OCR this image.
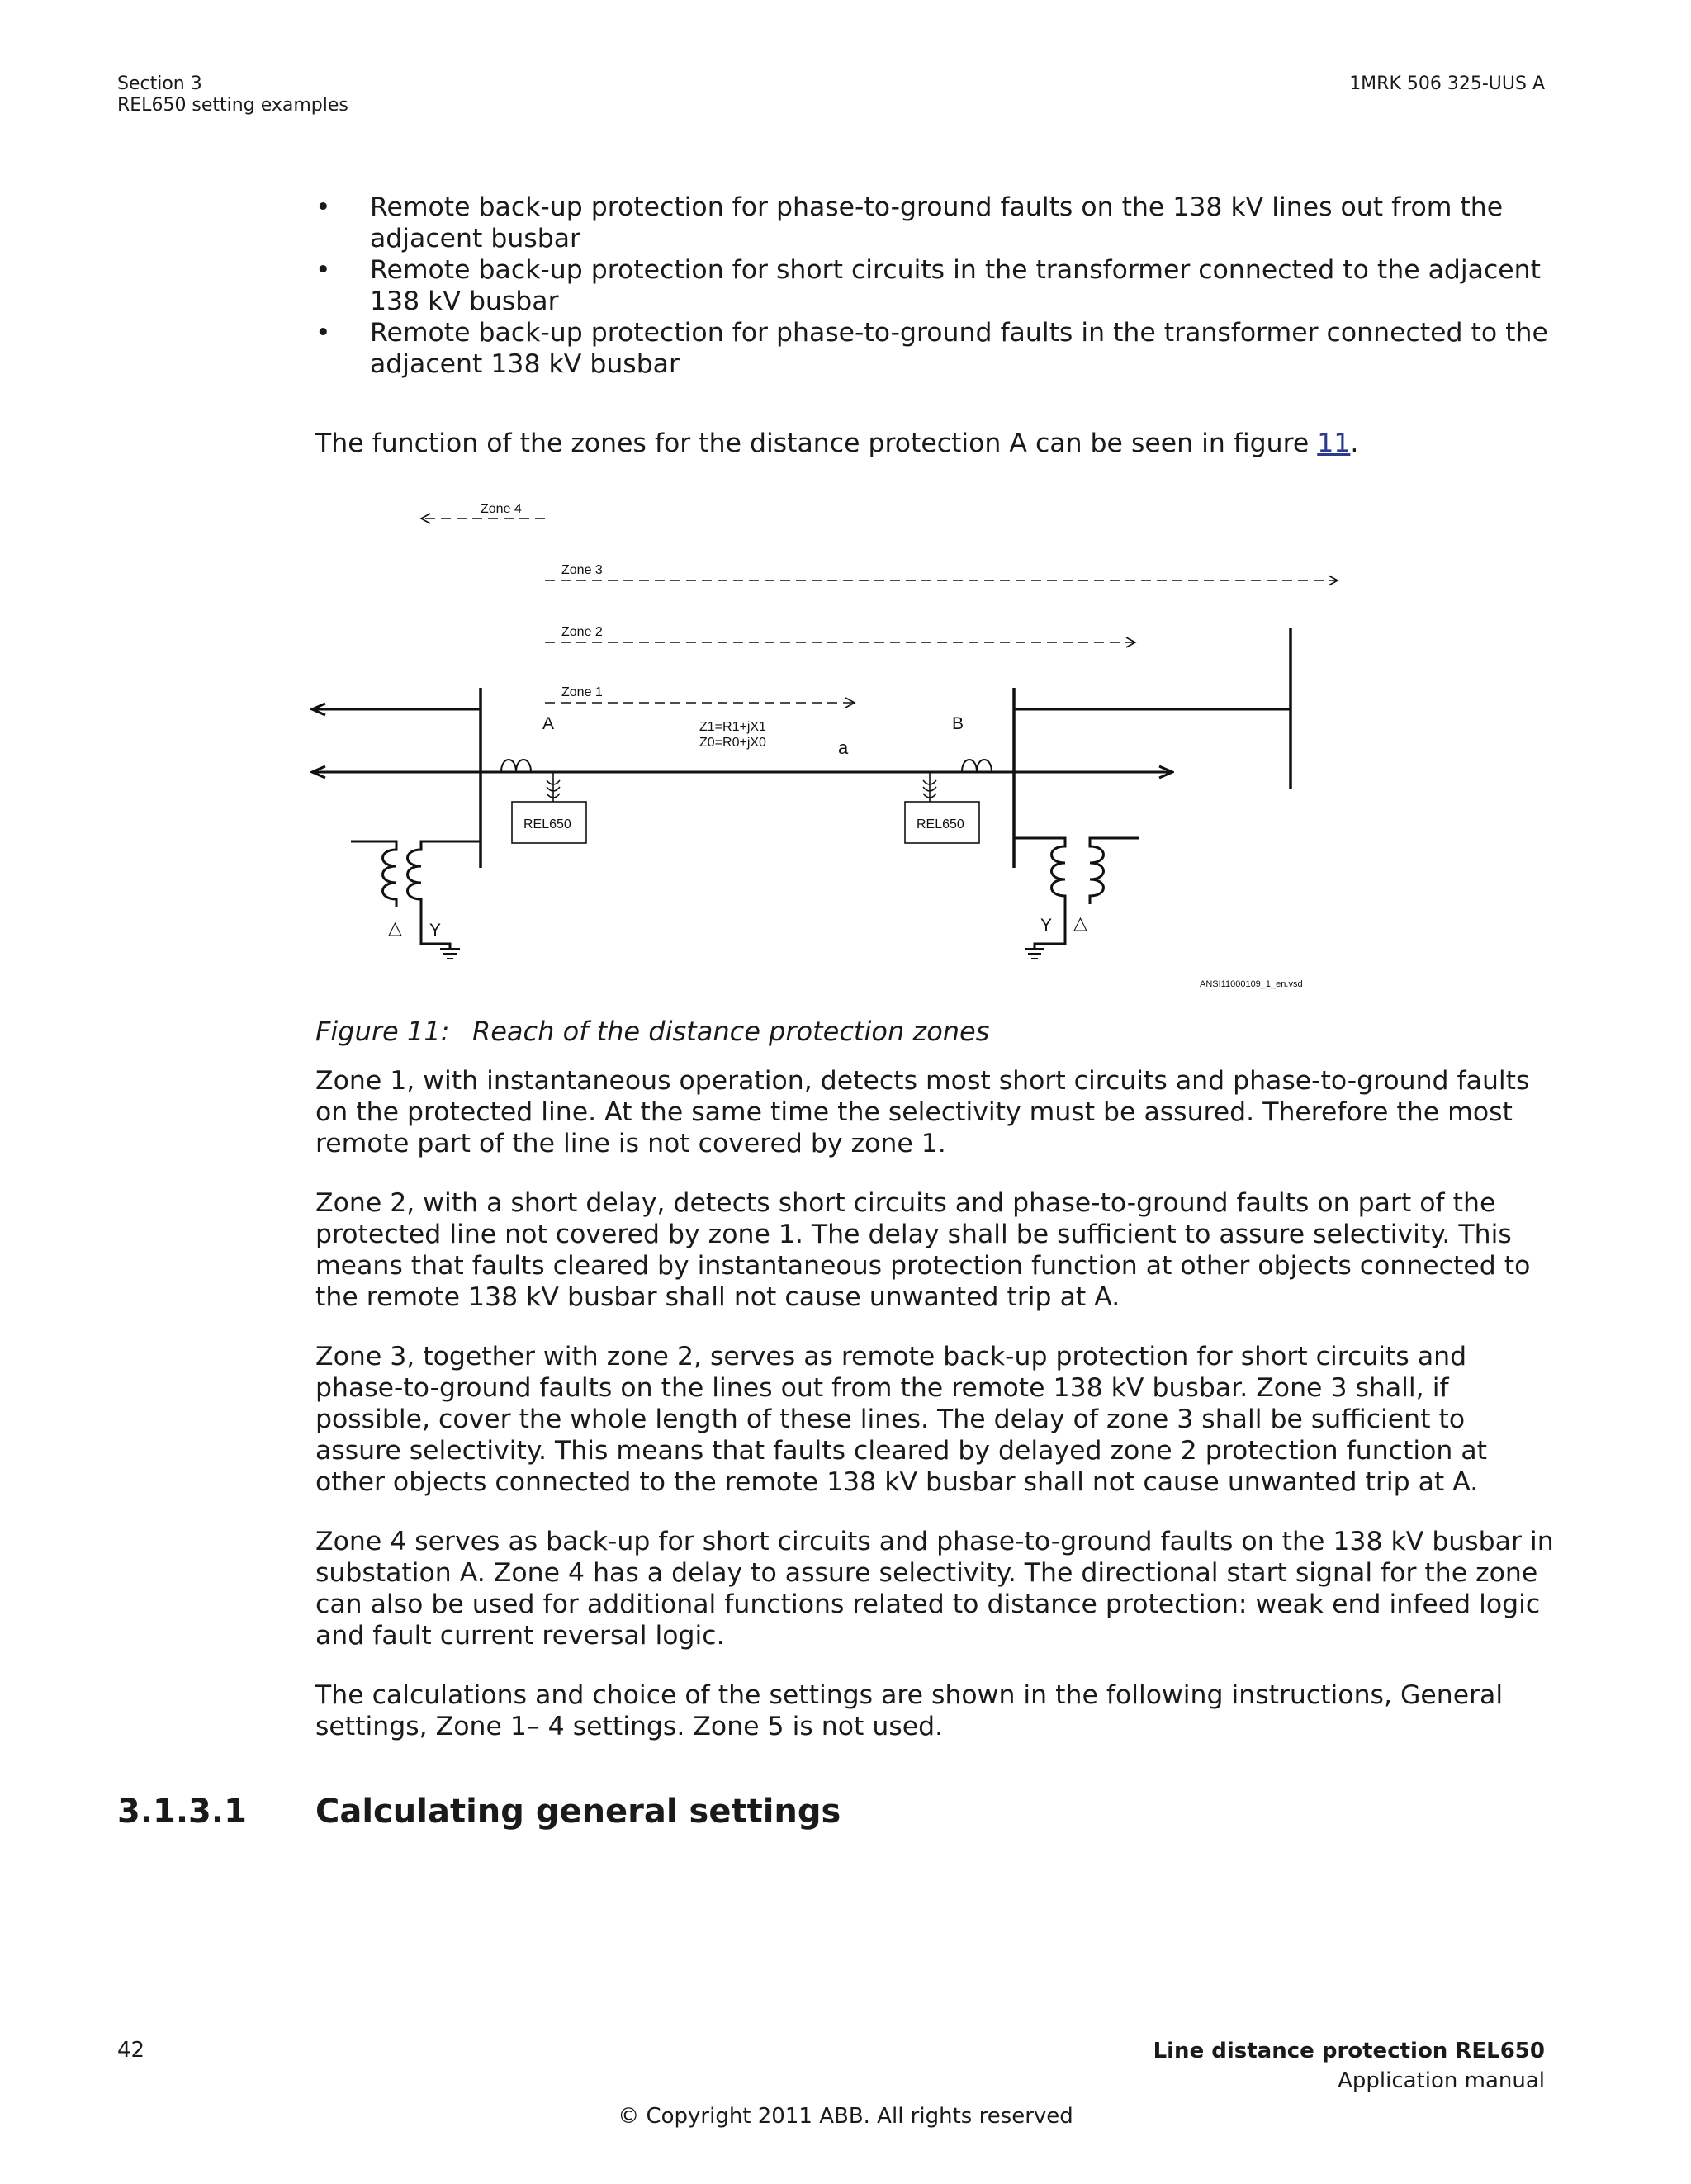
Section 3
REL650 setting examples
1MRK 506 325-UUS A
• Remote back-up protection for phase-to-ground faults on the 138 kV lines out from the adjacent busbar
• Remote back-up protection for short circuits in the transformer connected to the adjacent 138 kV busbar
• Remote back-up protection for phase-to-ground faults in the transformer connected to the adjacent 138 kV busbar

The function of the zones for the distance protection A can be seen in figure 11.

Zone 4
Zone 3
Zone 2
Zone 1
A	Z1=R1+jX1
Z0=R0+jX0	a
REL650
B
REL650
△ Y	Y △
ANSI11000109_1_en.vsd
Figure 11: Reach of the distance protection zones

Zone 1, with instantaneous operation, detects most short circuits and phase-to-ground faults on the protected line. At the same time the selectivity must be assured. Therefore the most remote part of the line is not covered by zone 1.

Zone 2, with a short delay, detects short circuits and phase-to-ground faults on part of the protected line not covered by zone 1. The delay shall be sufficient to assure selectivity. This means that faults cleared by instantaneous protection function at other objects connected to the remote 138 kV busbar shall not cause unwanted trip at A.

Zone 3, together with zone 2, serves as remote back-up protection for short circuits and phase-to-ground faults on the lines out from the remote 138 kV busbar. Zone 3 shall, if possible, cover the whole length of these lines. The delay of zone 3 shall be sufficient to assure selectivity. This means that faults cleared by delayed zone 2 protection function at other objects connected to the remote 138 kV busbar shall not cause unwanted trip at A.

Zone 4 serves as back-up for short circuits and phase-to-ground faults on the 138 kV busbar in substation A. Zone 4 has a delay to assure selectivity. The directional start signal for the zone can also be used for additional functions related to distance protection: weak end infeed logic and fault current reversal logic.

The calculations and choice of the settings are shown in the following instructions, General settings, Zone 1– 4 settings. Zone 5 is not used.

3.1.3.1 Calculating general settings
42	Line distance protection REL650
Application manual
© Copyright 2011 ABB. All rights reserved
